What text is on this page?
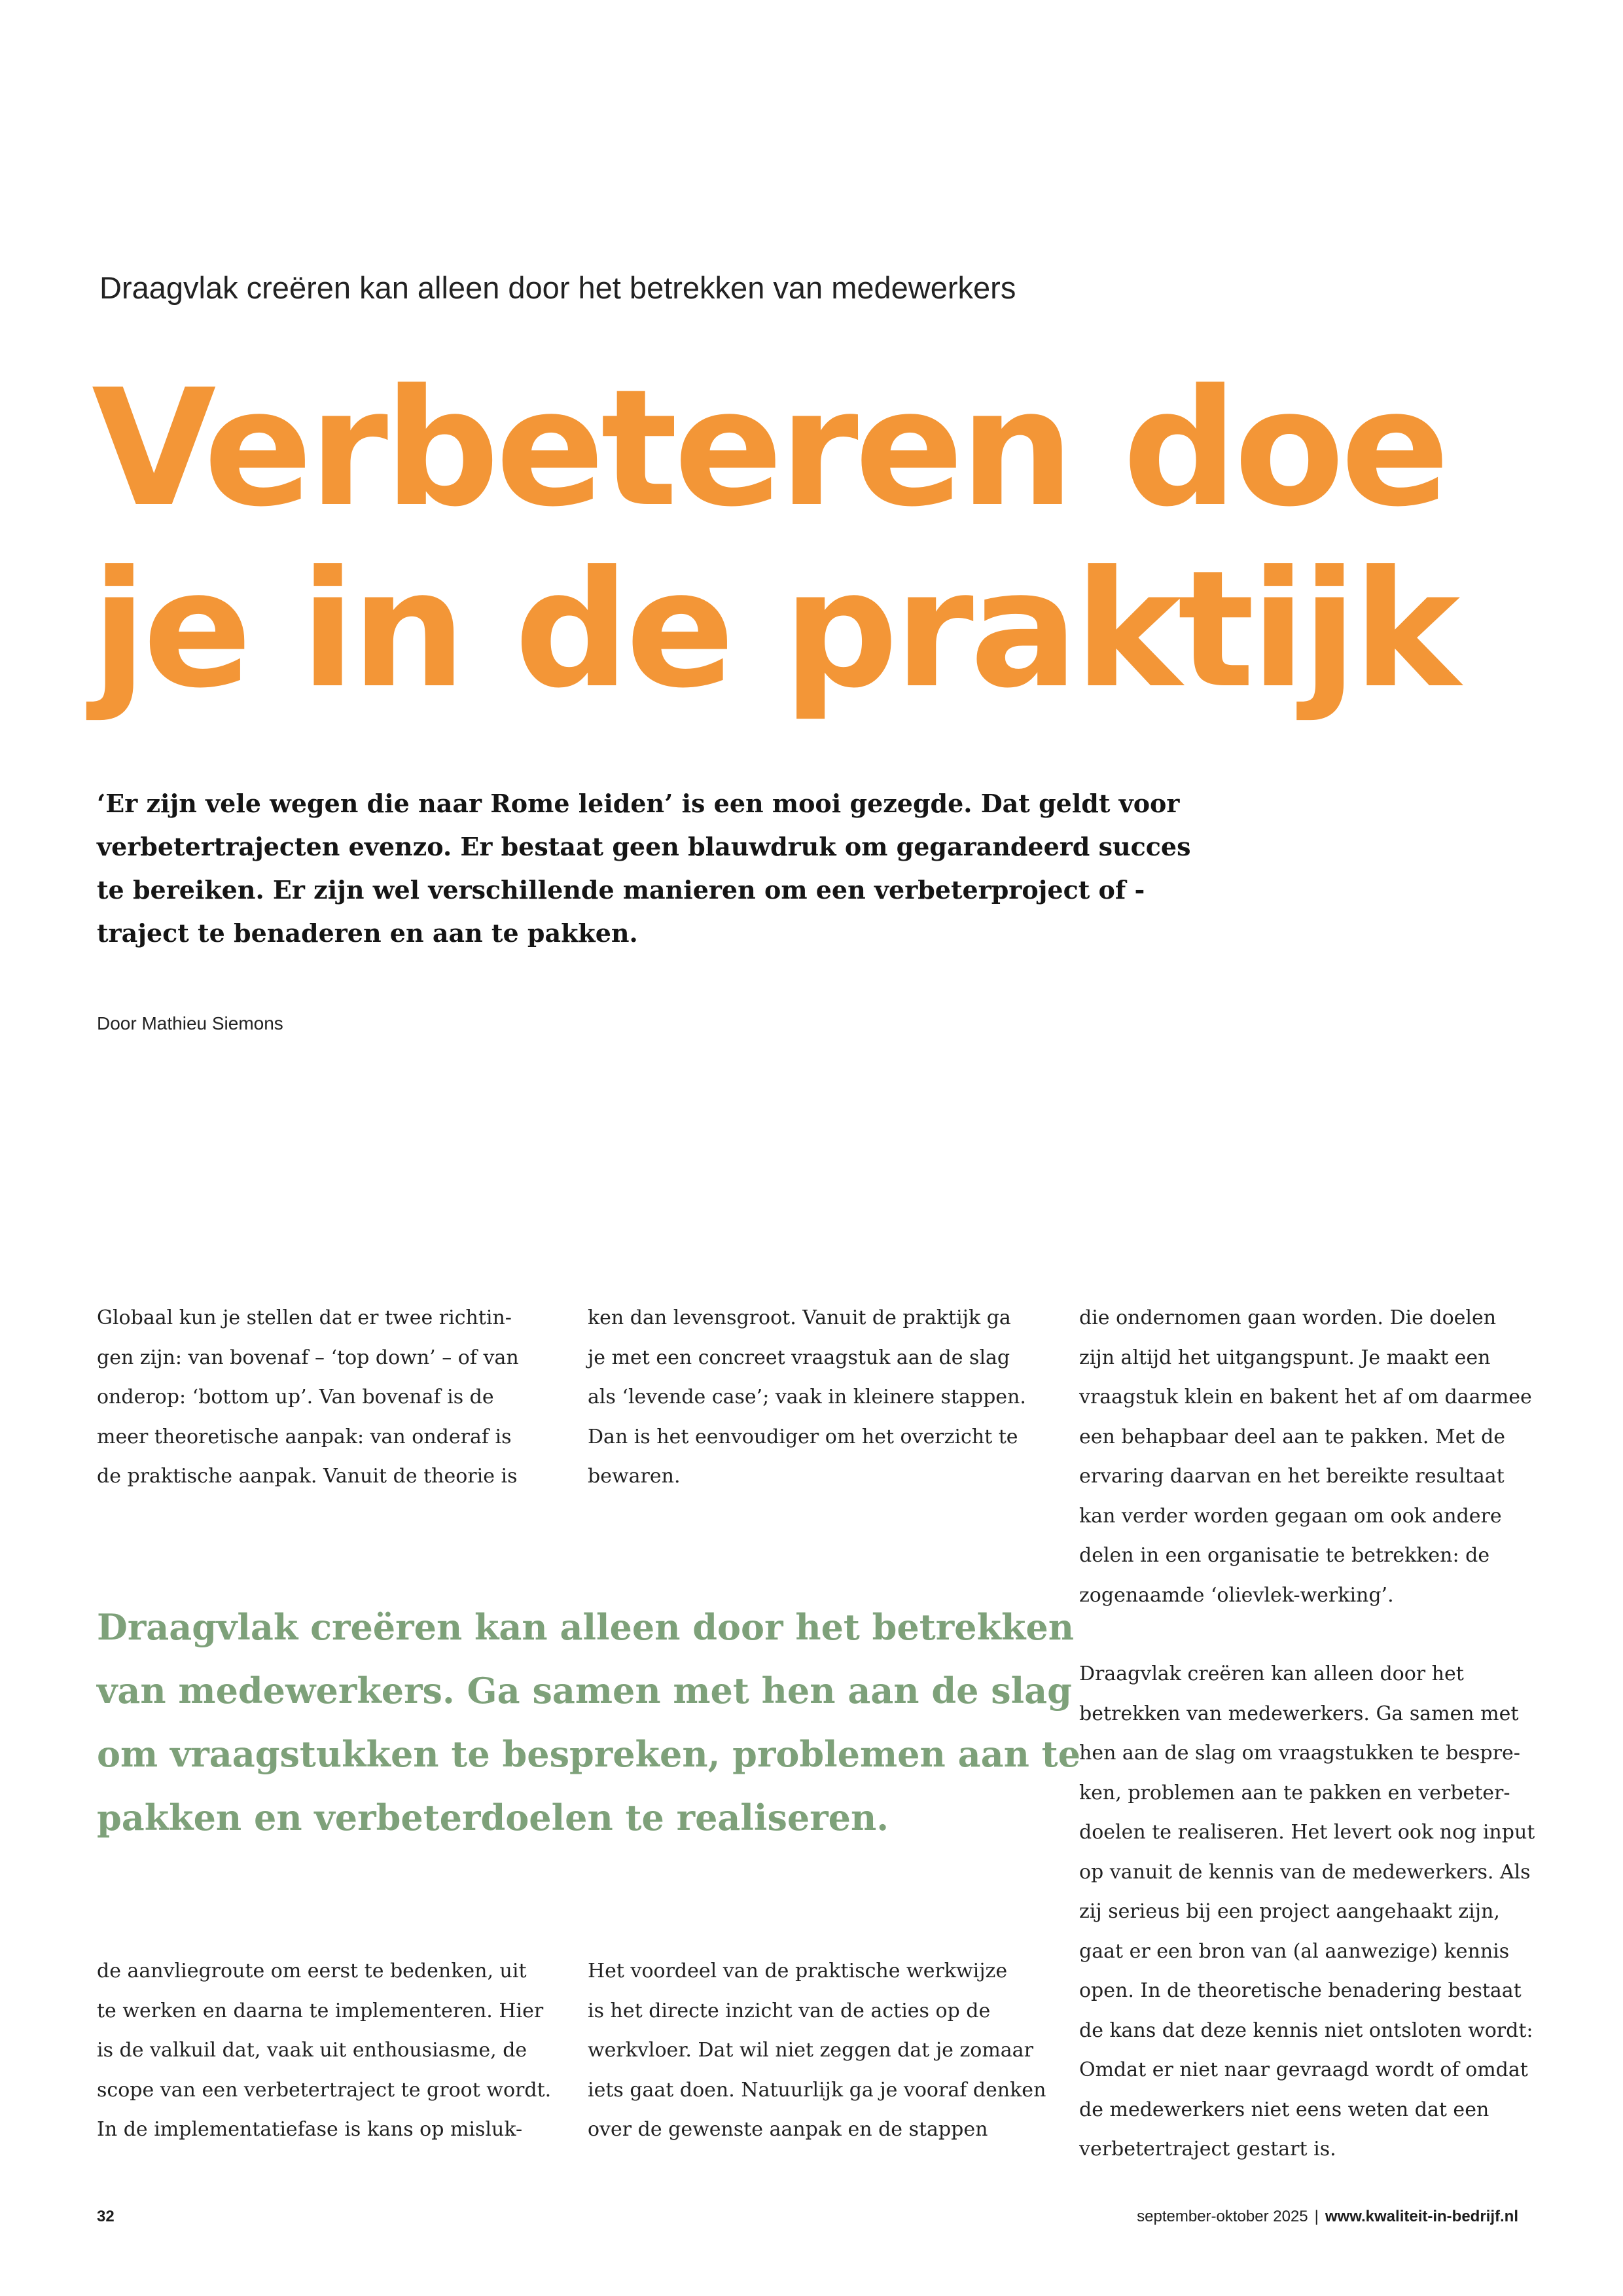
Draagvlak creëren kan alleen door het betrekken van medewerkers
Verbeteren doe
je in de praktijk

‘Er zijn vele wegen die naar Rome leiden’ is een mooi gezegde. Dat geldt voor verbetertrajecten evenzo. Er bestaat geen blauwdruk om gegarandeerd succes te bereiken. Er zijn wel verschillende manieren om een verbeterproject of -traject te benaderen en aan te pakken.

Door Mathieu Siemons
Globaal kun je stellen dat er twee richtin-
gen zijn: van bovenaf – ‘top down’ – of van
onderop: ‘bottom up’. Van bovenaf is de
meer theoretische aanpak: van onderaf is
de praktische aanpak. Vanuit de theorie is
ken dan levensgroot. Vanuit de praktijk ga
je met een concreet vraagstuk aan de slag
als ‘levende case’; vaak in kleinere stappen.
Dan is het eenvoudiger om het overzicht te
bewaren.
die ondernomen gaan worden. Die doelen
zijn altijd het uitgangspunt. Je maakt een
vraagstuk klein en bakent het af om daarmee
een behapbaar deel aan te pakken. Met de
ervaring daarvan en het bereikte resultaat
kan verder worden gegaan om ook andere
delen in een organisatie te betrekken: de
zogenaamde ‘olievlek-werking’.
Draagvlak creëren kan alleen door het
betrekken van medewerkers. Ga samen met
hen aan de slag om vraagstukken te bespre-
ken, problemen aan te pakken en verbeter-
doelen te realiseren. Het levert ook nog input
op vanuit de kennis van de medewerkers. Als
zij serieus bij een project aangehaakt zijn,
gaat er een bron van (al aanwezige) kennis
open. In de theoretische benadering bestaat
de kans dat deze kennis niet ontsloten wordt:
Omdat er niet naar gevraagd wordt of omdat
de medewerkers niet eens weten dat een
verbetertraject gestart is.
Draagvlak creëren kan alleen door het betrekken
van medewerkers. Ga samen met hen aan de slag
om vraagstukken te bespreken, problemen aan te
pakken en verbeterdoelen te realiseren.
de aanvliegroute om eerst te bedenken, uit
te werken en daarna te implementeren. Hier
is de valkuil dat, vaak uit enthousiasme, de
scope van een verbetertraject te groot wordt.
In de implementatiefase is kans op misluk-
Het voordeel van de praktische werkwijze
is het directe inzicht van de acties op de
werkvloer. Dat wil niet zeggen dat je zomaar
iets gaat doen. Natuurlijk ga je vooraf denken
over de gewenste aanpak en de stappen
32	september-oktober 2025 | www.kwaliteit-in-bedrijf.nl
